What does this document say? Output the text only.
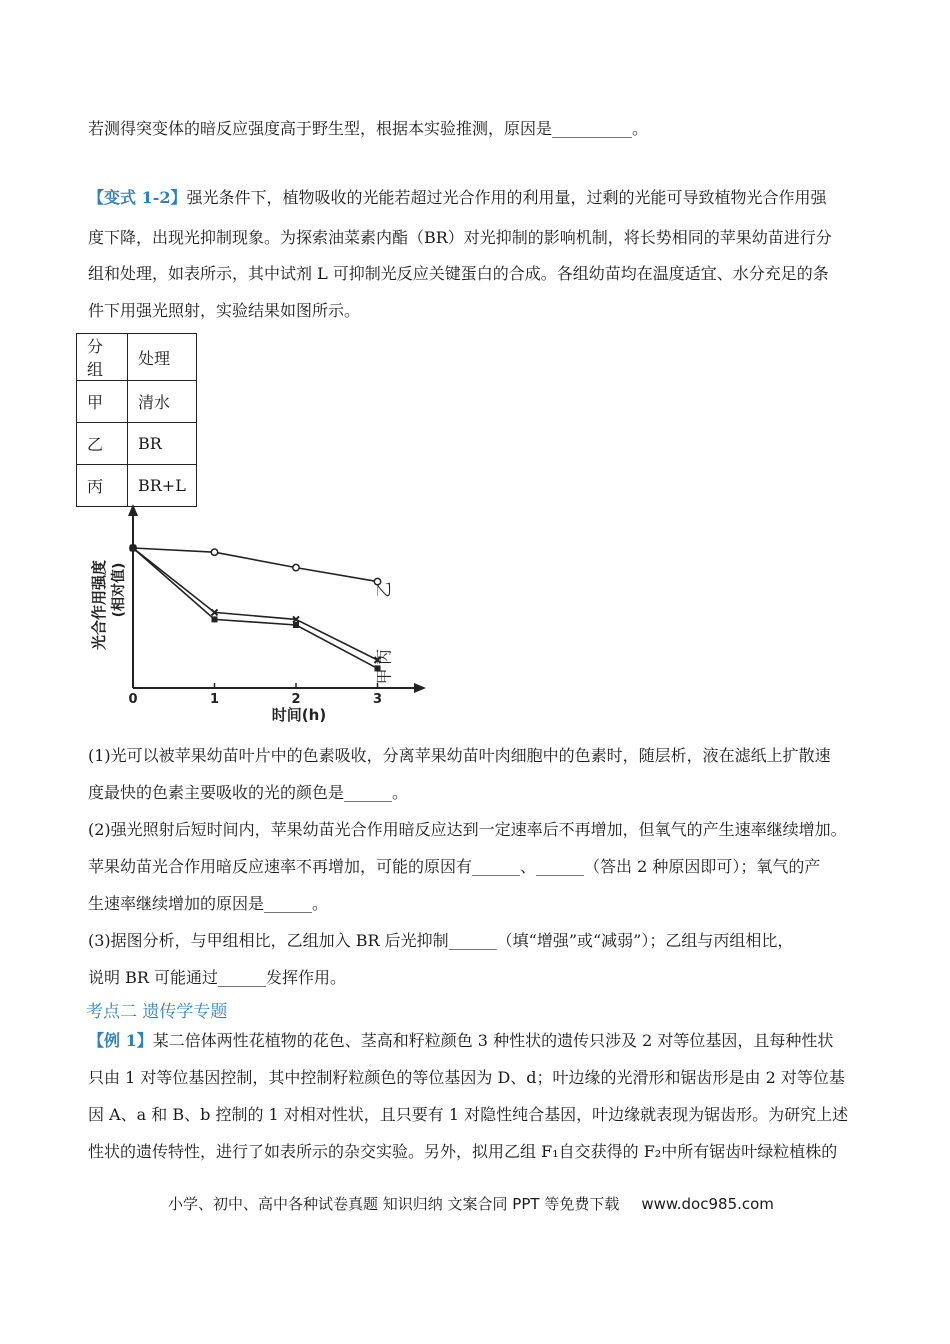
若测得突变体的暗反应强度高于野生型，根据本实验推测，原因是__________。
【变式 1-2】强光条件下，植物吸收的光能若超过光合作用的利用量，过剩的光能可导致植物光合作用强
度下降，出现光抑制现象。为探索油菜素内酯（BR）对光抑制的影响机制，将长势相同的苹果幼苗进行分
组和处理，如表所示，其中试剂 L 可抑制光反应关键蛋白的合成。各组幼苗均在温度适宜、水分充足的条
件下用强光照射，实验结果如图所示。
分组	处理
甲	清水
乙	BR
丙	BR+L
0	1	2	3
乙
丙
甲
光合作用强度 (相对值)
时间(h)
(1)光可以被苹果幼苗叶片中的色素吸收，分离苹果幼苗叶肉细胞中的色素时，随层析，液在滤纸上扩散速
度最快的色素主要吸收的光的颜色是______。
(2)强光照射后短时间内，苹果幼苗光合作用暗反应达到一定速率后不再增加，但氧气的产生速率继续增加。
苹果幼苗光合作用暗反应速率不再增加，可能的原因有______、______（答出 2 种原因即可）；氧气的产
生速率继续增加的原因是______。
(3)据图分析，与甲组相比，乙组加入 BR 后光抑制______（填“增强”或“减弱”）；乙组与丙组相比，
说明 BR 可能通过______发挥作用。
考点二 遗传学专题
【例 1】某二倍体两性花植物的花色、茎高和籽粒颜色 3 种性状的遗传只涉及 2 对等位基因，且每种性状
只由 1 对等位基因控制，其中控制籽粒颜色的等位基因为 D、d；叶边缘的光滑形和锯齿形是由 2 对等位基
因 A、a 和 B、b 控制的 1 对相对性状，且只要有 1 对隐性纯合基因，叶边缘就表现为锯齿形。为研究上述
性状的遗传特性，进行了如表所示的杂交实验。另外，拟用乙组 F₁自交获得的 F₂中所有锯齿叶绿粒植株的
小学、初中、高中各种试卷真题 知识归纳 文案合同 PPT 等免费下载 www.doc985.com
